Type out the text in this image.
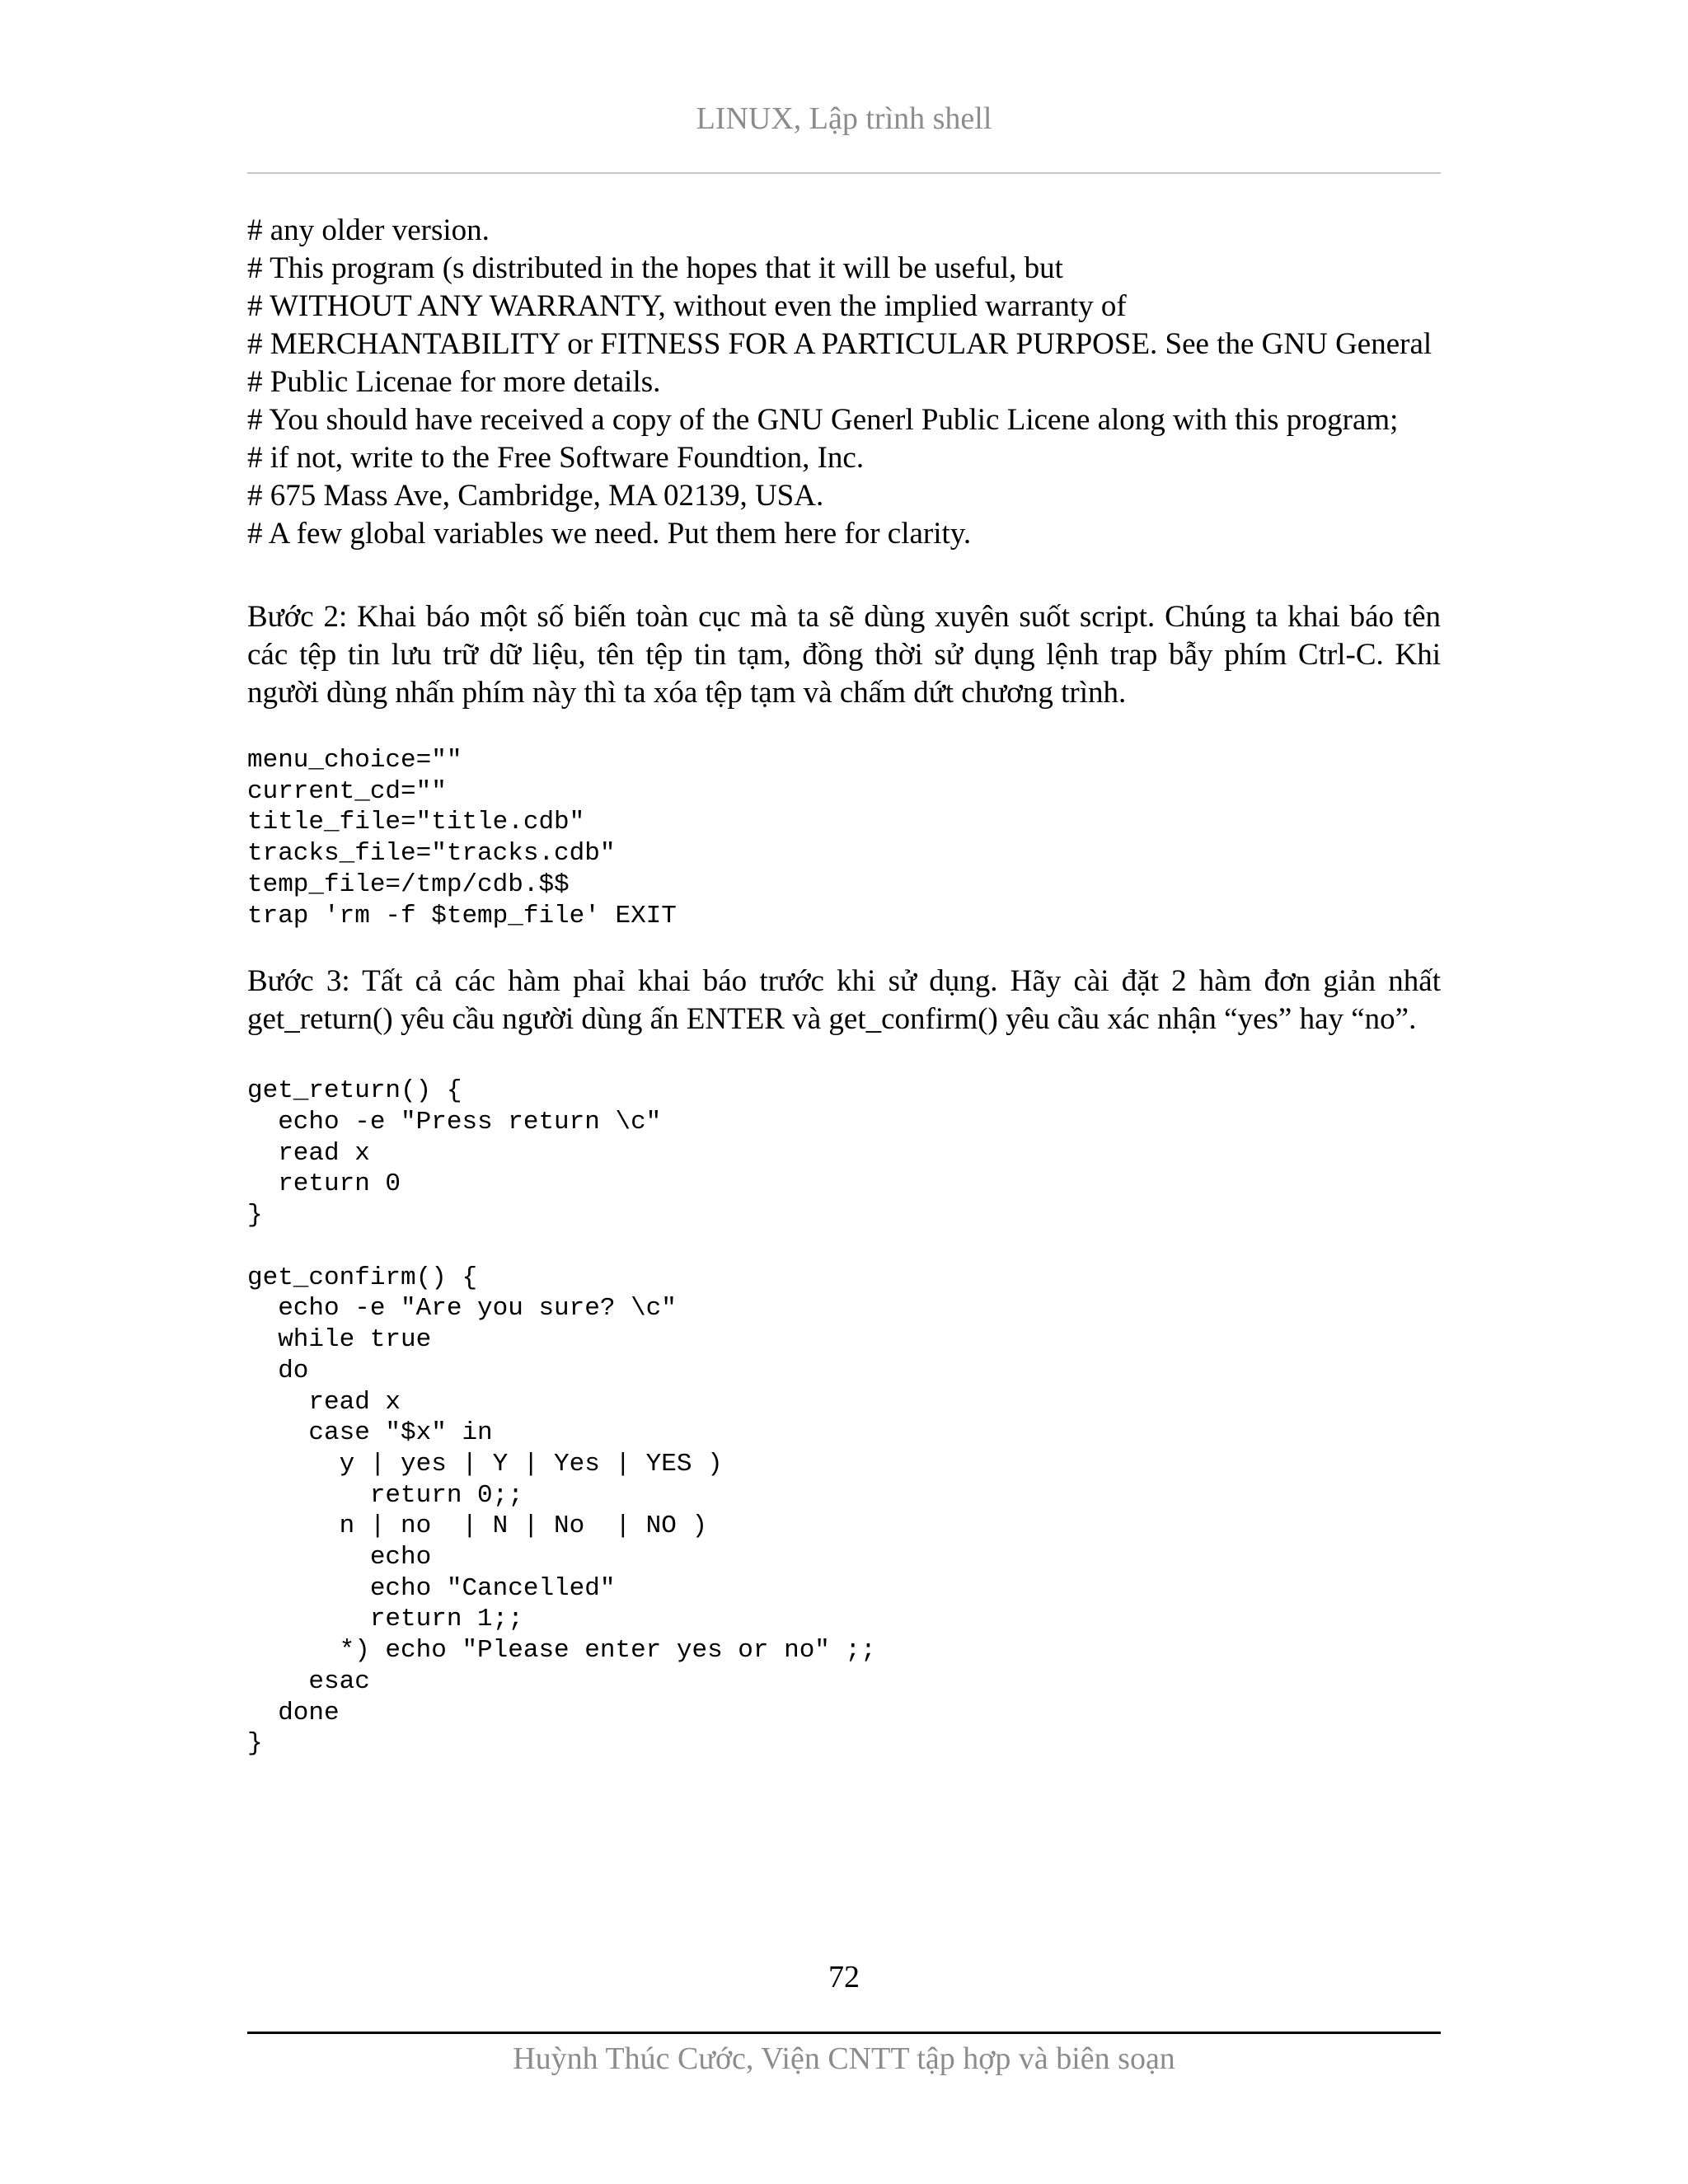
LINUX, Lập trình shell

# any older version.

# This program (s distributed in the hopes that it will be useful, but

# WITHOUT ANY WARRANTY, without even the implied warranty of

# MERCHANTABILITY or FITNESS FOR A PARTICULAR PURPOSE. See the GNU General

# Public Licenae for more details.

# You should have received a copy of the GNU Generl Public Licene along with this program;

# if not, write to the Free Software Foundtion, Inc.

# 675 Mass Ave, Cambridge, MA 02139, USA.

# A few global variables we need. Put them here for clarity.

Bước 2: Khai báo một số biến toàn cục mà ta sẽ dùng xuyên suốt script. Chúng ta khai báo tên các tệp tin lưu trữ dữ liệu, tên tệp tin tạm, đồng thời sử dụng lệnh trap bẫy phím Ctrl-C. Khi người dùng nhấn phím này thì ta xóa tệp tạm và chấm dứt chương trình.

menu_choice=""
current_cd=""
title_file="title.cdb"
tracks_file="tracks.cdb"
temp_file=/tmp/cdb.$$
trap 'rm -f $temp_file' EXIT

Bước 3: Tất cả các hàm phaỉ khai báo trước khi sử dụng. Hãy cài đặt 2 hàm đơn giản nhất get_return() yêu cầu người dùng ấn ENTER và get_confirm() yêu cầu xác nhận “yes” hay “no”.

get_return() {
echo -e "Press return \c"
read x
return 0
}
get_confirm() {
echo -e "Are you sure? \c"
while true
do
read x
case "$x" in
y | yes | Y | Yes | YES )
return 0;;
n | no  | N | No  | NO )
echo
echo "Cancelled"
return 1;;
*) echo "Please enter yes or no" ;;
esac
done
}
72
Huỳnh Thúc Cước, Viện CNTT tập hợp và biên soạn
